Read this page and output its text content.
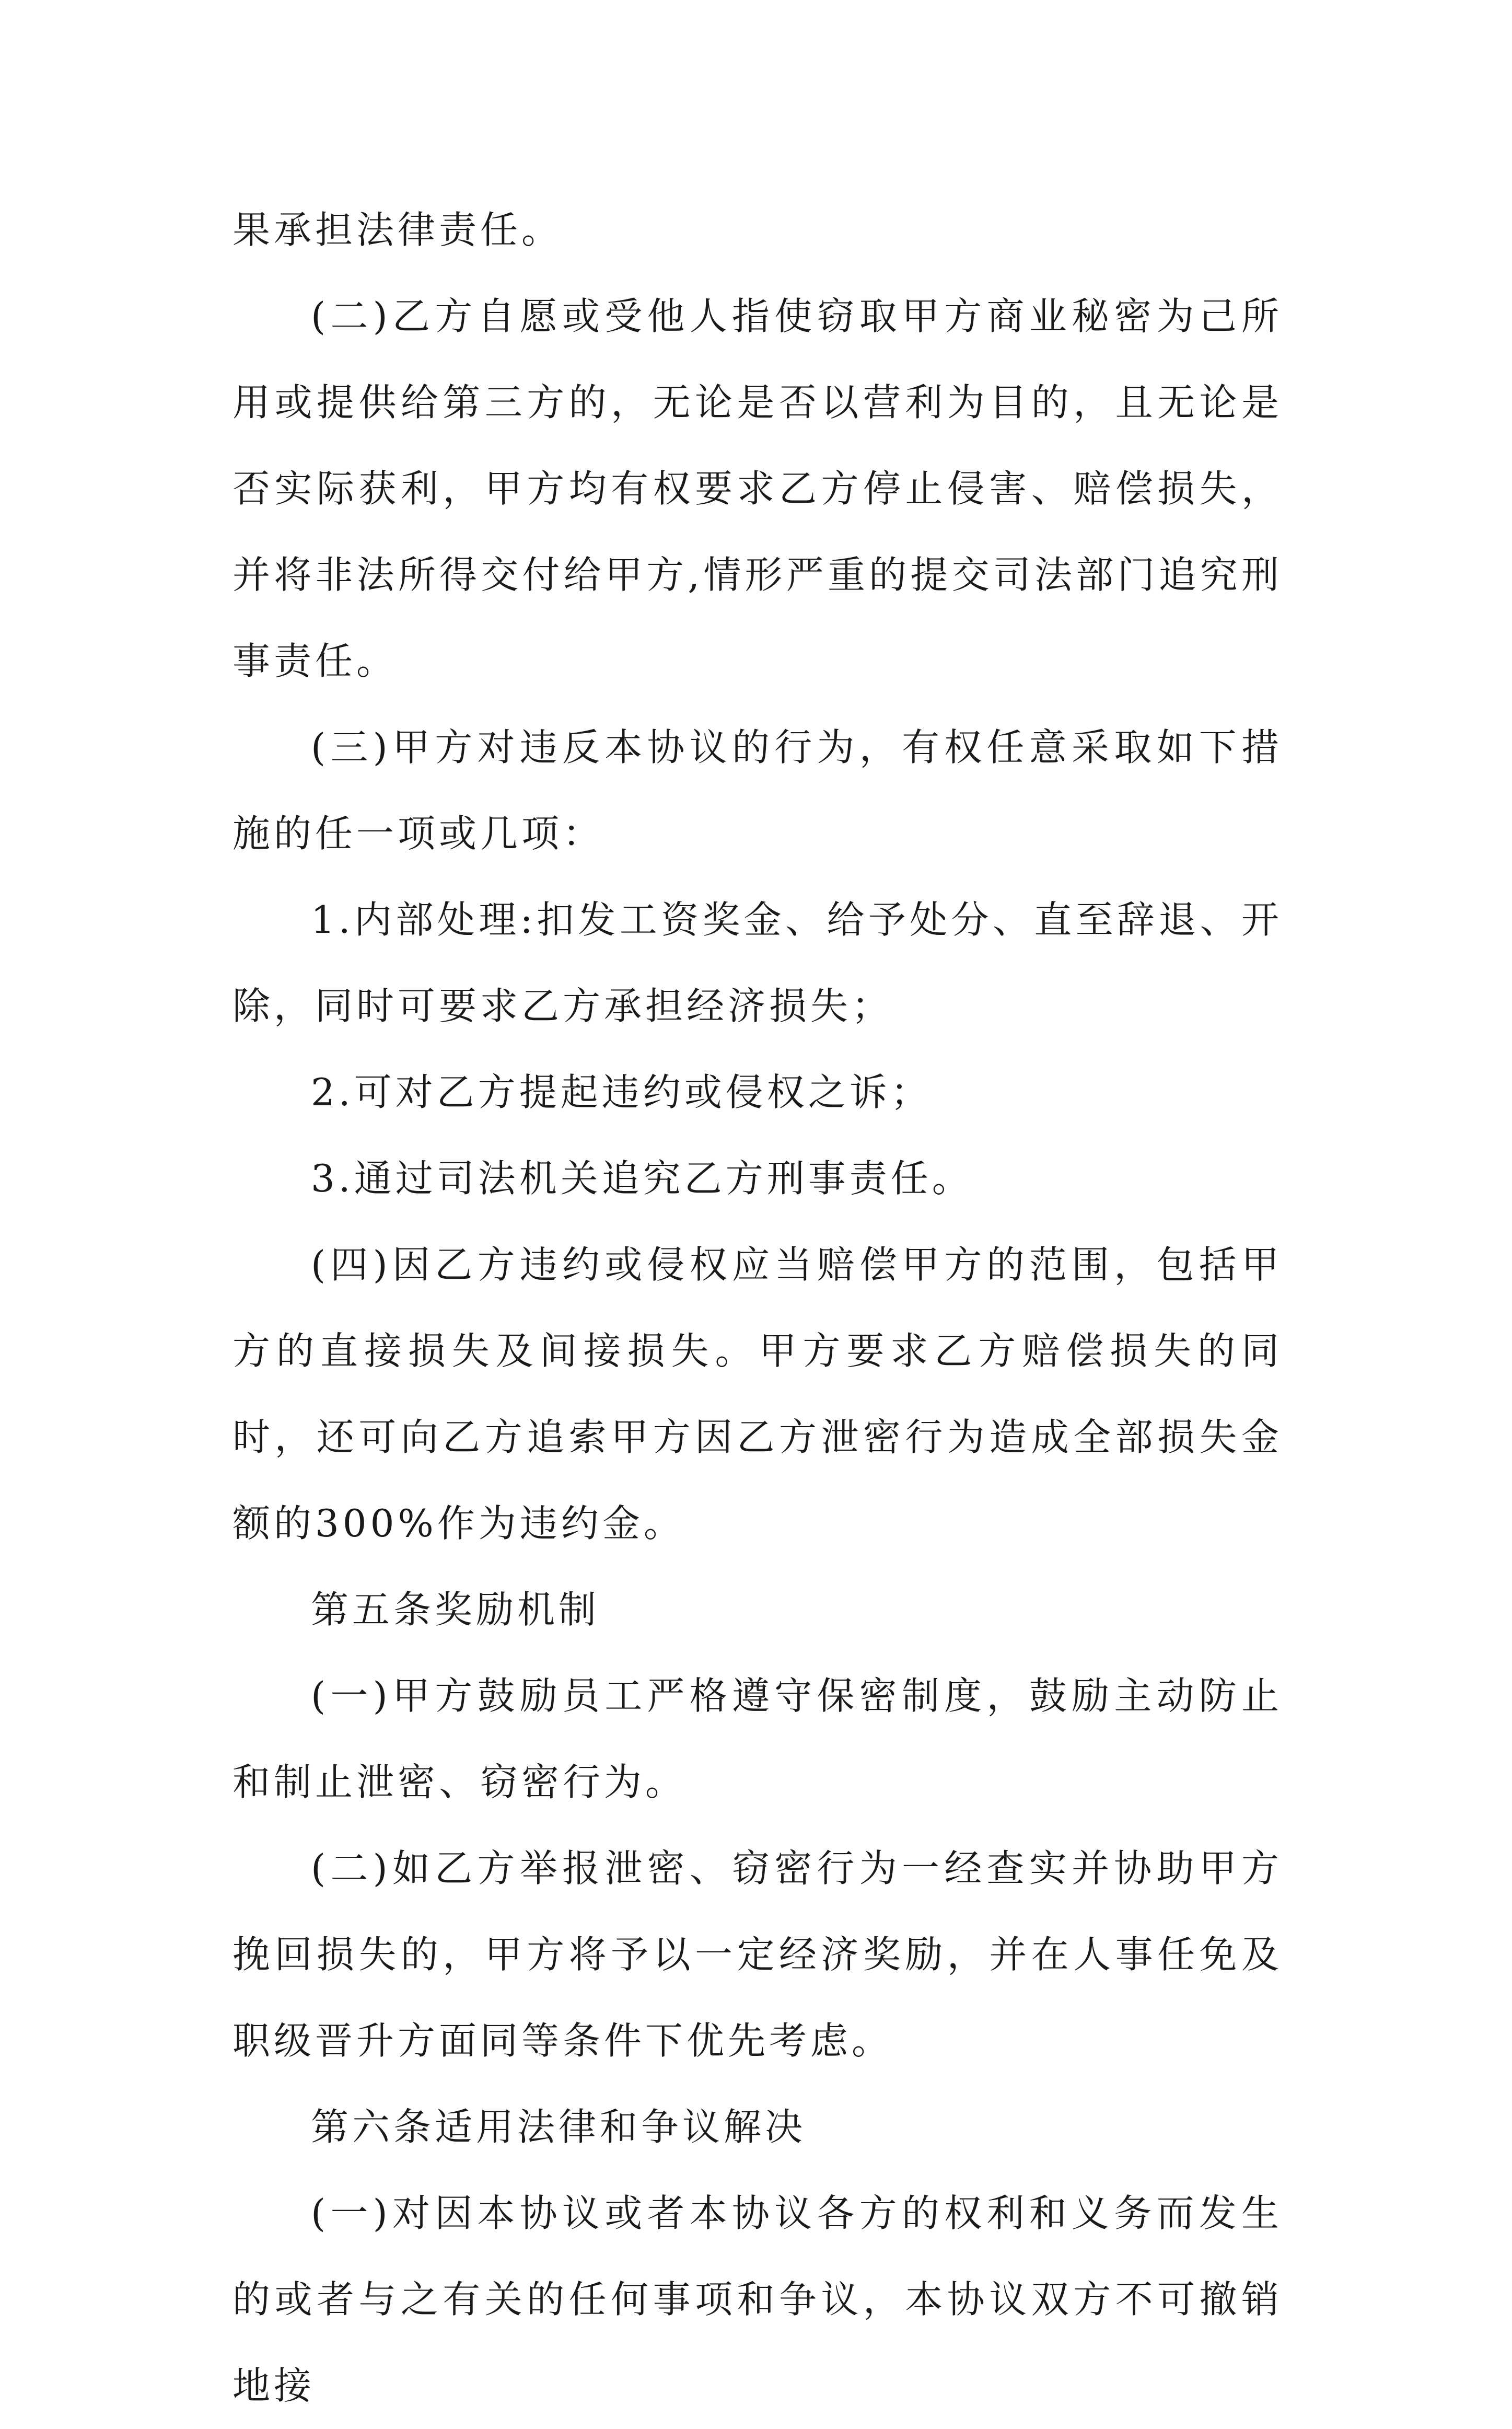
果承担法律责任。

(二)乙方自愿或受他人指使窃取甲方商业秘密为己所用或提供给第三方的，无论是否以营利为目的，且无论是否实际获利，甲方均有权要求乙方停止侵害、赔偿损失，并将非法所得交付给甲方,情形严重的提交司法部门追究刑事责任。

(三)甲方对违反本协议的行为，有权任意采取如下措施的任一项或几项：

1.内部处理:扣发工资奖金、给予处分、直至辞退、开除，同时可要求乙方承担经济损失；

2.可对乙方提起违约或侵权之诉；

3.通过司法机关追究乙方刑事责任。

(四)因乙方违约或侵权应当赔偿甲方的范围，包括甲方的直接损失及间接损失。甲方要求乙方赔偿损失的同时，还可向乙方追索甲方因乙方泄密行为造成全部损失金额的300%作为违约金。

第五条奖励机制

(一)甲方鼓励员工严格遵守保密制度，鼓励主动防止和制止泄密、窃密行为。

(二)如乙方举报泄密、窃密行为一经查实并协助甲方挽回损失的，甲方将予以一定经济奖励，并在人事任免及职级晋升方面同等条件下优先考虑。

第六条适用法律和争议解决

(一)对因本协议或者本协议各方的权利和义务而发生的或者与之有关的任何事项和争议，本协议双方不可撤销地接
